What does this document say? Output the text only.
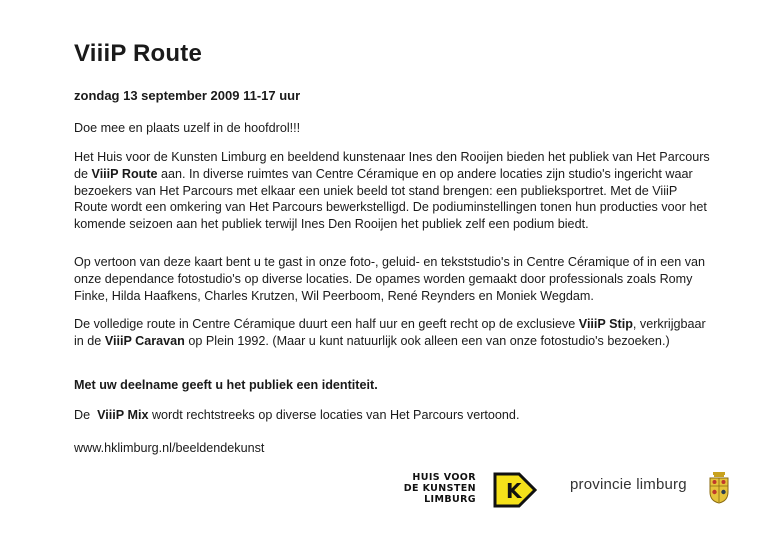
ViiiP Route
zondag 13 september 2009 11-17 uur

Doe mee en plaats uzelf in de hoofdrol!!!

Het Huis voor de Kunsten Limburg en beeldend kunstenaar Ines den Rooijen bieden het publiek van Het Parcours de ViiiP Route aan. In diverse ruimtes van Centre Céramique en op andere locaties zijn studio's ingericht waar bezoekers van Het Parcours met elkaar een uniek beeld tot stand brengen: een publieksportret. Met de ViiiP Route wordt een omkering van Het Parcours bewerkstelligd. De podiuminstellingen tonen hun producties voor het komende seizoen aan het publiek terwijl Ines Den Rooijen het publiek zelf een podium biedt.

Op vertoon van deze kaart bent u te gast in onze foto-, geluid- en tekststudio's in Centre Céramique of in een van onze dependance fotostudio's op diverse locaties. De opames worden gemaakt door professionals zoals Romy Finke, Hilda Haafkens, Charles Krutzen, Wil Peerboom, René Reynders en Moniek Wegdam.

De volledige route in Centre Céramique duurt een half uur en geeft recht op de exclusieve ViiiP Stip, verkrijgbaar in de ViiiP Caravan op Plein 1992. (Maar u kunt natuurlijk ook alleen een van onze fotostudio's bezoeken.)

Met uw deelname geeft u het publiek een identiteit.

De  ViiiP Mix wordt rechtstreeks op diverse locaties van Het Parcours vertoond.

www.hklimburg.nl/beeldendekunst

HUIS VOOR
DE KUNSTEN
LIMBURG K	provincie limburg
